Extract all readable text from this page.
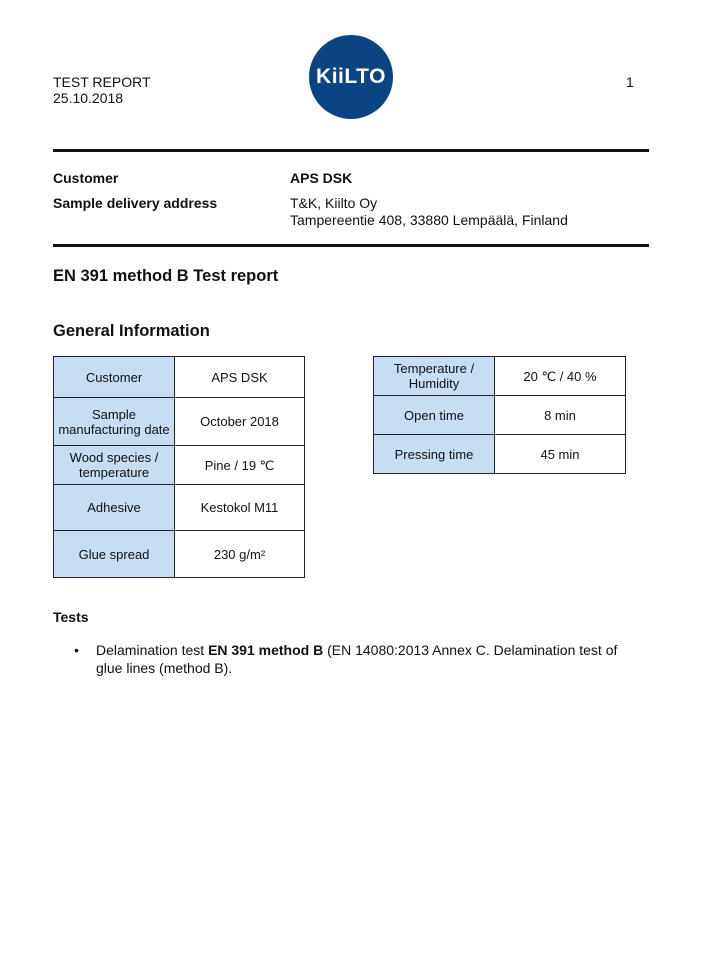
TEST REPORT
25.10.2018
KiiLTO	1
Customer	APS DSK
Sample delivery address	T&K, Kiilto Oy
Tampereentie 408, 33880 Lempäälä, Finland
EN 391 method B Test report
General Information
Customer	APS DSK
Sample manufacturing date	October 2018
Wood species / temperature	Pine / 19 ℃
Adhesive	Kestokol M11
Glue spread	230 g/m²
Temperature / Humidity	20 ℃ / 40 %
Open time	8 min
Pressing time	45 min
Tests
•	Delamination test EN 391 method B (EN 14080:2013 Annex C. Delamination test of glue lines (method B).
